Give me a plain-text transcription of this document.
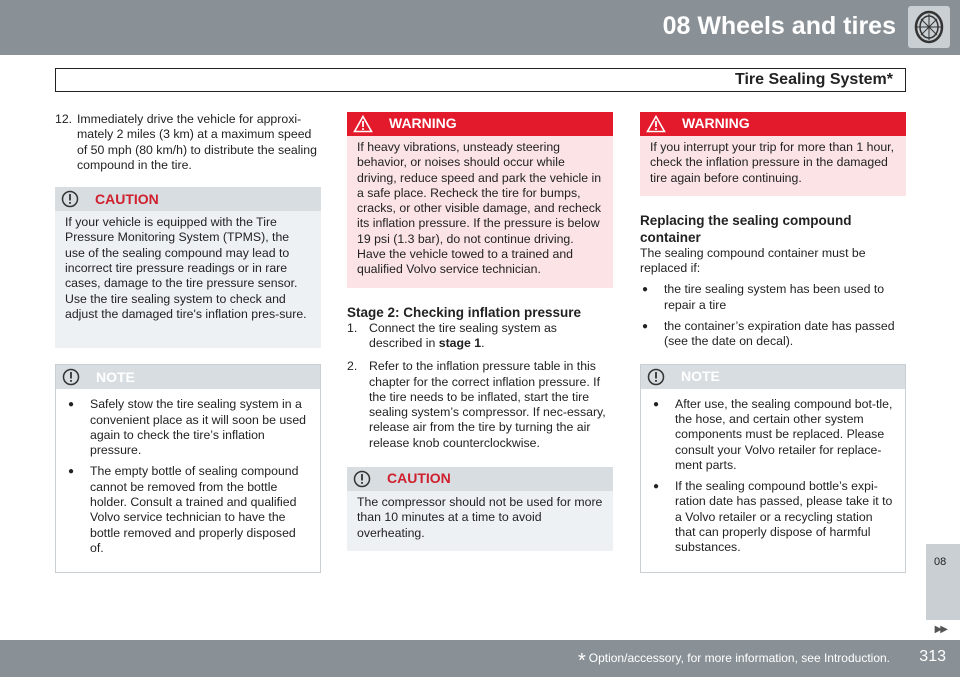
08 Wheels and tires
Tire Sealing System*
12. Immediately drive the vehicle for approxi-mately 2 miles (3 km) at a maximum speed of 50 mph (80 km/h) to distribute the sealing compound in the tire.
CAUTION
If your vehicle is equipped with the Tire Pressure Monitoring System (TPMS), the use of the sealing compound may lead to incorrect tire pressure readings or in rare cases, damage to the tire pressure sensor. Use the tire sealing system to check and adjust the damaged tire's inflation pres-sure.
NOTE
●	Safely stow the tire sealing system in a convenient place as it will soon be used again to check the tire’s inflation pressure.
●	The empty bottle of sealing compound cannot be removed from the bottle holder. Consult a trained and qualified Volvo service technician to have the bottle removed and properly disposed of.
WARNING
If heavy vibrations, unsteady steering behavior, or noises should occur while driving, reduce speed and park the vehicle in a safe place. Recheck the tire for bumps, cracks, or other visible damage, and recheck its inflation pressure. If the pressure is below 19 psi (1.3 bar), do not continue driving. Have the vehicle towed to a trained and qualified Volvo service technician.
Stage 2: Checking inflation pressure
1. Connect the tire sealing system as described in stage 1.
2. Refer to the inflation pressure table in this chapter for the correct inflation pressure. If the tire needs to be inflated, start the tire sealing system’s compressor. If nec-essary, release air from the tire by turning the air release knob counterclockwise.
CAUTION
The compressor should not be used for more than 10 minutes at a time to avoid overheating.
WARNING
If you interrupt your trip for more than 1 hour, check the inflation pressure in the damaged tire again before continuing.
Replacing the sealing compound container
The sealing compound container must be replaced if:
●	the tire sealing system has been used to repair a tire
●	the container’s expiration date has passed (see the date on decal).
NOTE
●	After use, the sealing compound bot-tle, the hose, and certain other system components must be replaced. Please consult your Volvo retailer for replace-ment parts.
●	If the sealing compound bottle’s expi-ration date has passed, please take it to a Volvo retailer or a recycling station that can properly dispose of harmful substances.
08
▶▶
* Option/accessory, for more information, see Introduction. 313
